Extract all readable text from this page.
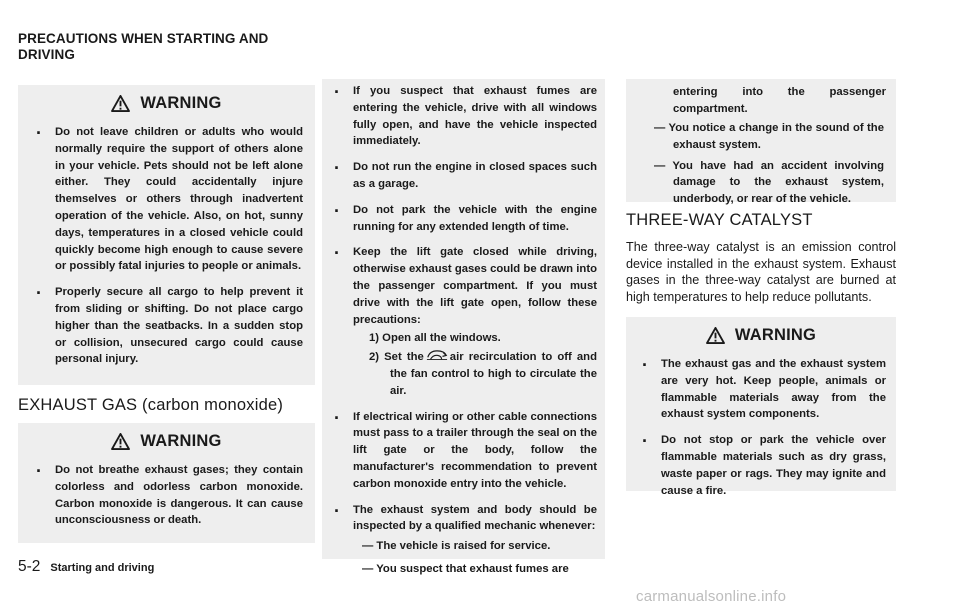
PRECAUTIONS WHEN STARTING AND DRIVING
WARNING
. Do not leave children or adults who would normally require the support of others alone in your vehicle. Pets should not be left alone either. They could accidentally injure themselves or others through inadvertent operation of the vehicle. Also, on hot, sunny days, temperatures in a closed vehicle could quickly become high enough to cause severe or possibly fatal injuries to people or animals.
. Properly secure all cargo to help prevent it from sliding or shifting. Do not place cargo higher than the seatbacks. In a sudden stop or collision, unsecured cargo could cause personal injury.
EXHAUST GAS (carbon monoxide)
WARNING
. Do not breathe exhaust gases; they contain colorless and odorless carbon monoxide. Carbon monoxide is dangerous. It can cause unconsciousness or death.
. If you suspect that exhaust fumes are entering the vehicle, drive with all windows fully open, and have the vehicle inspected immediately.
. Do not run the engine in closed spaces such as a garage.
. Do not park the vehicle with the engine running for any extended length of time.
. Keep the lift gate closed while driving, otherwise exhaust gases could be drawn into the passenger compartment. If you must drive with the lift gate open, follow these precautions:
1) Open all the windows.
2) Set the air recirculation to off and the fan control to high to circulate the air.
. If electrical wiring or other cable connections must pass to a trailer through the seal on the lift gate or the body, follow the manufacturer's recommendation to prevent carbon monoxide entry into the vehicle.
. The exhaust system and body should be inspected by a qualified mechanic whenever:
— The vehicle is raised for service.
— You suspect that exhaust fumes are
entering into the passenger compartment.
— You notice a change in the sound of the exhaust system.
— You have had an accident involving damage to the exhaust system, underbody, or rear of the vehicle.
THREE-WAY CATALYST
The three-way catalyst is an emission control device installed in the exhaust system. Exhaust gases in the three-way catalyst are burned at high temperatures to help reduce pollutants.
WARNING
. The exhaust gas and the exhaust system are very hot. Keep people, animals or flammable materials away from the exhaust system components.
. Do not stop or park the vehicle over flammable materials such as dry grass, waste paper or rags. They may ignite and cause a fire.
5-2 Starting and driving
carmanualsonline.info
